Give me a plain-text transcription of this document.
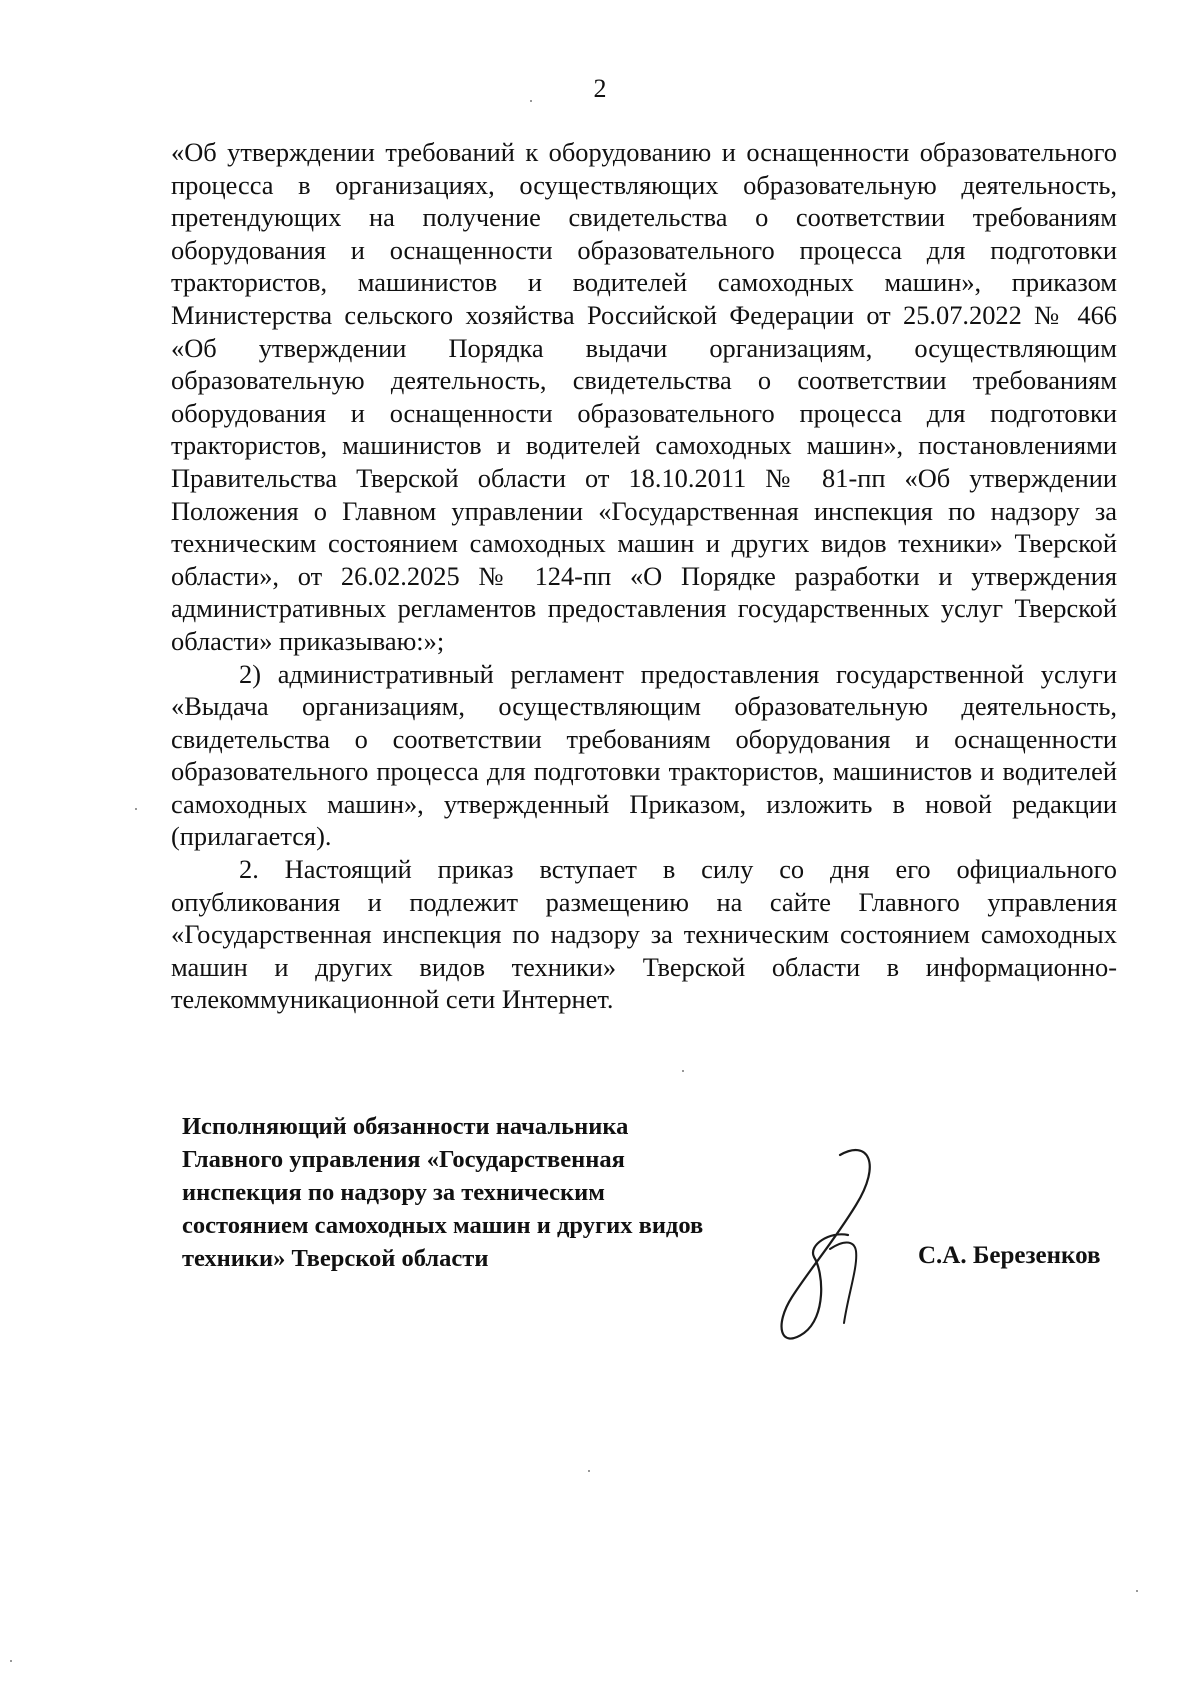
2

«Об утверждении требований к оборудованию и оснащенности образовательного процесса в организациях, осуществляющих образовательную деятельность, претендующих на получение свидетельства о соответствии требованиям оборудования и оснащенности образовательного процесса для подготовки трактористов, машинистов и водителей самоходных машин», приказом Министерства сельского хозяйства Российской Федерации от 25.07.2022 № 466 «Об утверждении Порядка выдачи организациям, осуществляющим образовательную деятельность, свидетельства о соответствии требованиям оборудования и оснащенности образовательного процесса для подготовки трактористов, машинистов и водителей самоходных машин», постановлениями Правительства Тверской области от 18.10.2011 № 81-пп «Об утверждении Положения о Главном управлении «Государственная инспекция по надзору за техническим состоянием самоходных машин и других видов техники» Тверской области», от 26.02.2025 № 124-пп «О Порядке разработки и утверждения административных регламентов предоставления государственных услуг Тверской области» приказываю:»;

2) административный регламент предоставления государственной услуги «Выдача организациям, осуществляющим образовательную деятельность, свидетельства о соответствии требованиям оборудования и оснащенности образовательного процесса для подготовки трактористов, машинистов и водителей самоходных машин», утвержденный Приказом, изложить в новой редакции (прилагается).

2. Настоящий приказ вступает в силу со дня его официального опубликования и подлежит размещению на сайте Главного управления «Государственная инспекция по надзору за техническим состоянием самоходных машин и других видов техники» Тверской области в информационно-телекоммуникационной сети Интернет.

Исполняющий обязанности начальника
Главного управления «Государственная
инспекция по надзору за техническим
состоянием самоходных машин и других видов
техники» Тверской области	С.А. Березенков
